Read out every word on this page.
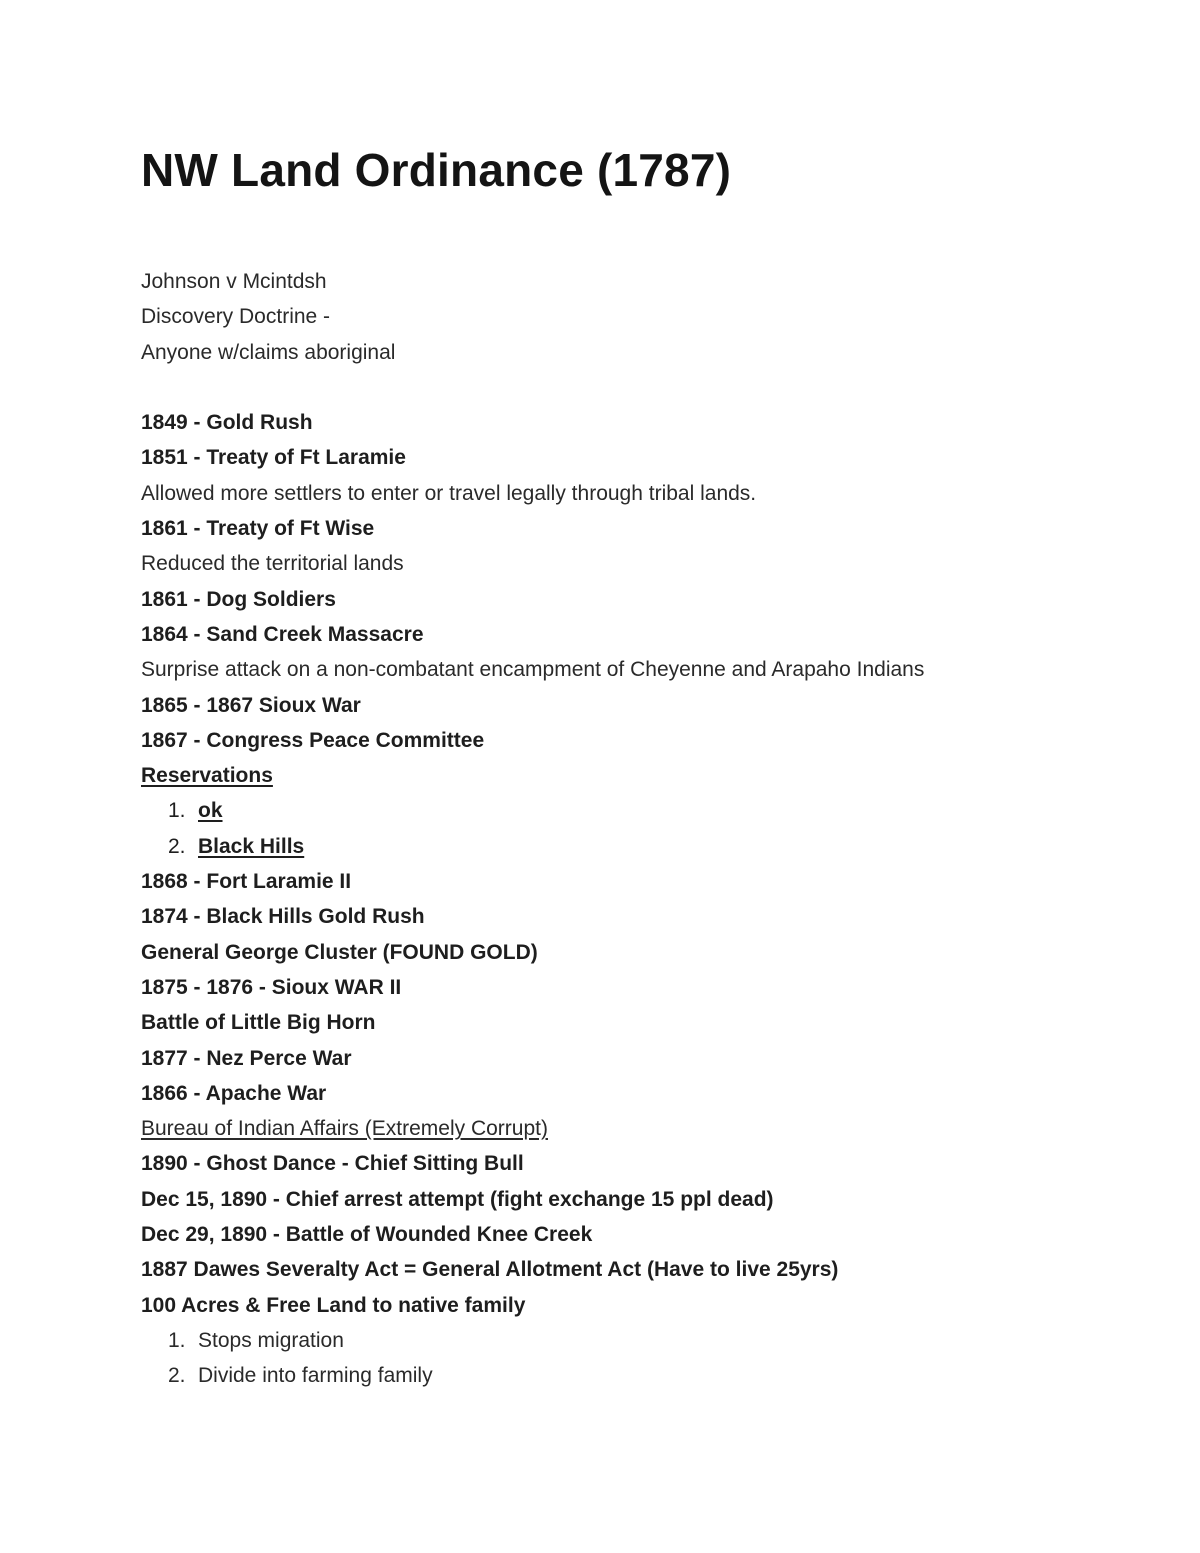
NW Land Ordinance (1787)
Johnson v Mcintdsh
Discovery Doctrine -
Anyone w/claims aboriginal
1849 - Gold Rush
1851 - Treaty of Ft Laramie
Allowed more settlers to enter or travel legally through tribal lands.
1861 - Treaty of Ft Wise
Reduced the territorial lands
1861 - Dog Soldiers
1864 - Sand Creek Massacre
Surprise attack on a non-combatant encampment of Cheyenne and Arapaho Indians
1865 - 1867 Sioux War
1867 - Congress Peace Committee
Reservations
1. ok
2. Black Hills
1868 - Fort Laramie II
1874 - Black Hills Gold Rush
General George Cluster (FOUND GOLD)
1875 - 1876 - Sioux WAR II
Battle of Little Big Horn
1877 - Nez Perce War
1866 - Apache War
Bureau of Indian Affairs (Extremely Corrupt)
1890 - Ghost Dance - Chief Sitting Bull
Dec 15, 1890 - Chief arrest attempt (fight exchange 15 ppl dead)
Dec 29, 1890 - Battle of Wounded Knee Creek
1887 Dawes Severalty Act = General Allotment Act (Have to live 25yrs)
100 Acres & Free Land to native family
1. Stops migration
2. Divide into farming family
